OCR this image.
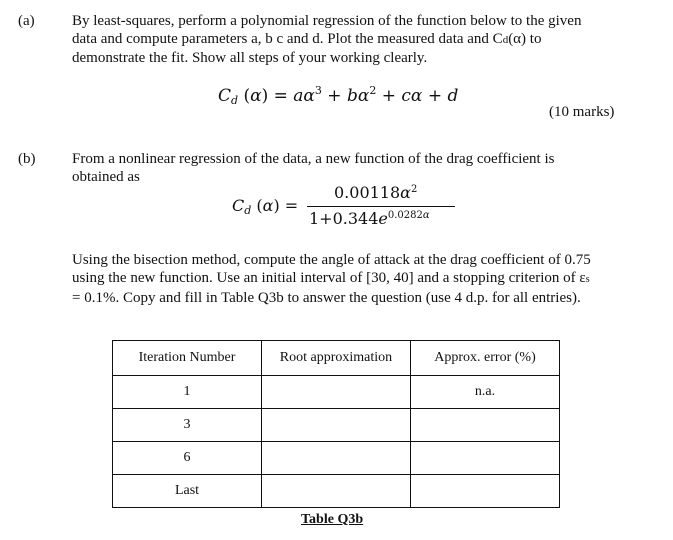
(a) By least-squares, perform a polynomial regression of the function below to the given
data and compute parameters a, b c and d. Plot the measured data and Cd(α) to
demonstrate the fit. Show all steps of your working clearly.
$C_d$ $(\alpha) = a\alpha^3 + b\alpha^2 + c\alpha + d$
(10 marks)
(b) From a nonlinear regression of the data, a new function of the drag coefficient is
obtained as
$C_d$ (α) =
$0.00118\alpha^2$
$1+0.344e^{0.0282\alpha}$
Using the bisection method, compute the angle of attack at the drag coefficient of 0.75
using the new function. Use an initial interval of [30, 40] and a stopping criterion of εs
= 0.1%. Copy and fill in Table Q3b to answer the question (use 4 d.p. for all entries).
Iteration Number	Root approximation	Approx. error (%)
1		n.a.
3		
6		
Last		
Table Q3b
